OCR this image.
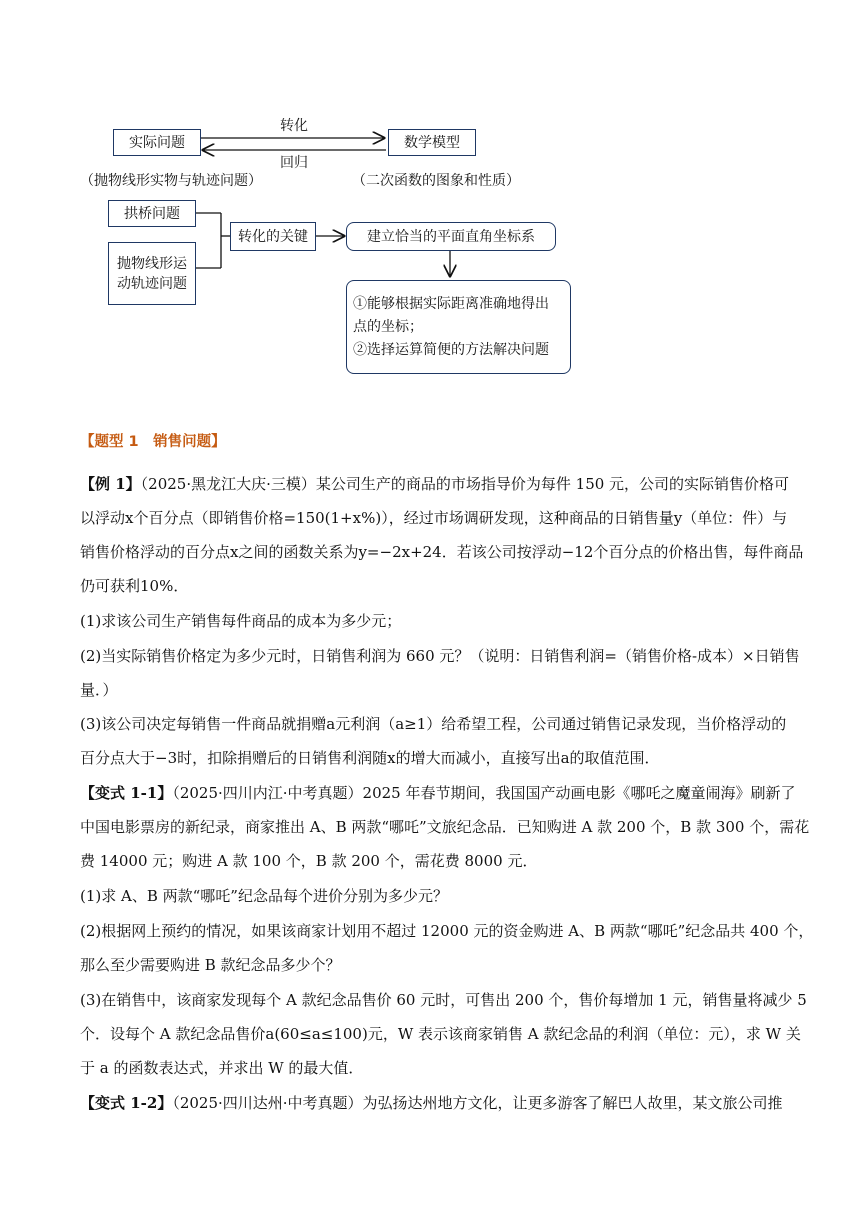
实际问题
转化
回归
数学模型
（抛物线形实物与轨迹问题）	（二次函数的图象和性质）
拱桥问题
抛物线形运
动轨迹问题
转化的关键	建立恰当的平面直角坐标系
①能够根据实际距离准确地得出
点的坐标；
②选择运算简便的方法解决问题
【题型 1　销售问题】
【例 1】（2025·黑龙江大庆·三模）某公司生产的商品的市场指导价为每件 150 元，公司的实际销售价格可
以浮动x个百分点（即销售价格=150(1+x%)），经过市场调研发现，这种商品的日销售量y（单位：件）与
销售价格浮动的百分点x之间的函数关系为y=−2x+24．若该公司按浮动−12个百分点的价格出售，每件商品
仍可获利10%．
(1)求该公司生产销售每件商品的成本为多少元；
(2)当实际销售价格定为多少元时，日销售利润为 660 元？（说明：日销售利润=（销售价格-成本）×日销售
量．）
(3)该公司决定每销售一件商品就捐赠a元利润（a≥1）给希望工程，公司通过销售记录发现，当价格浮动的
百分点大于−3时，扣除捐赠后的日销售利润随x的增大而减小，直接写出a的取值范围．
【变式 1-1】（2025·四川内江·中考真题）2025 年春节期间，我国国产动画电影《哪吒之魔童闹海》刷新了
中国电影票房的新纪录，商家推出 A、B 两款“哪吒”文旅纪念品．已知购进 A 款 200 个，B 款 300 个，需花
费 14000 元；购进 A 款 100 个，B 款 200 个，需花费 8000 元．
(1)求 A、B 两款“哪吒”纪念品每个进价分别为多少元？
(2)根据网上预约的情况，如果该商家计划用不超过 12000 元的资金购进 A、B 两款“哪吒”纪念品共 400 个，
那么至少需要购进 B 款纪念品多少个？
(3)在销售中，该商家发现每个 A 款纪念品售价 60 元时，可售出 200 个，售价每增加 1 元，销售量将减少 5
个．设每个 A 款纪念品售价a(60≤a≤100)元，W 表示该商家销售 A 款纪念品的利润（单位：元），求 W 关
于 a 的函数表达式，并求出 W 的最大值．
【变式 1-2】（2025·四川达州·中考真题）为弘扬达州地方文化，让更多游客了解巴人故里，某文旅公司推
